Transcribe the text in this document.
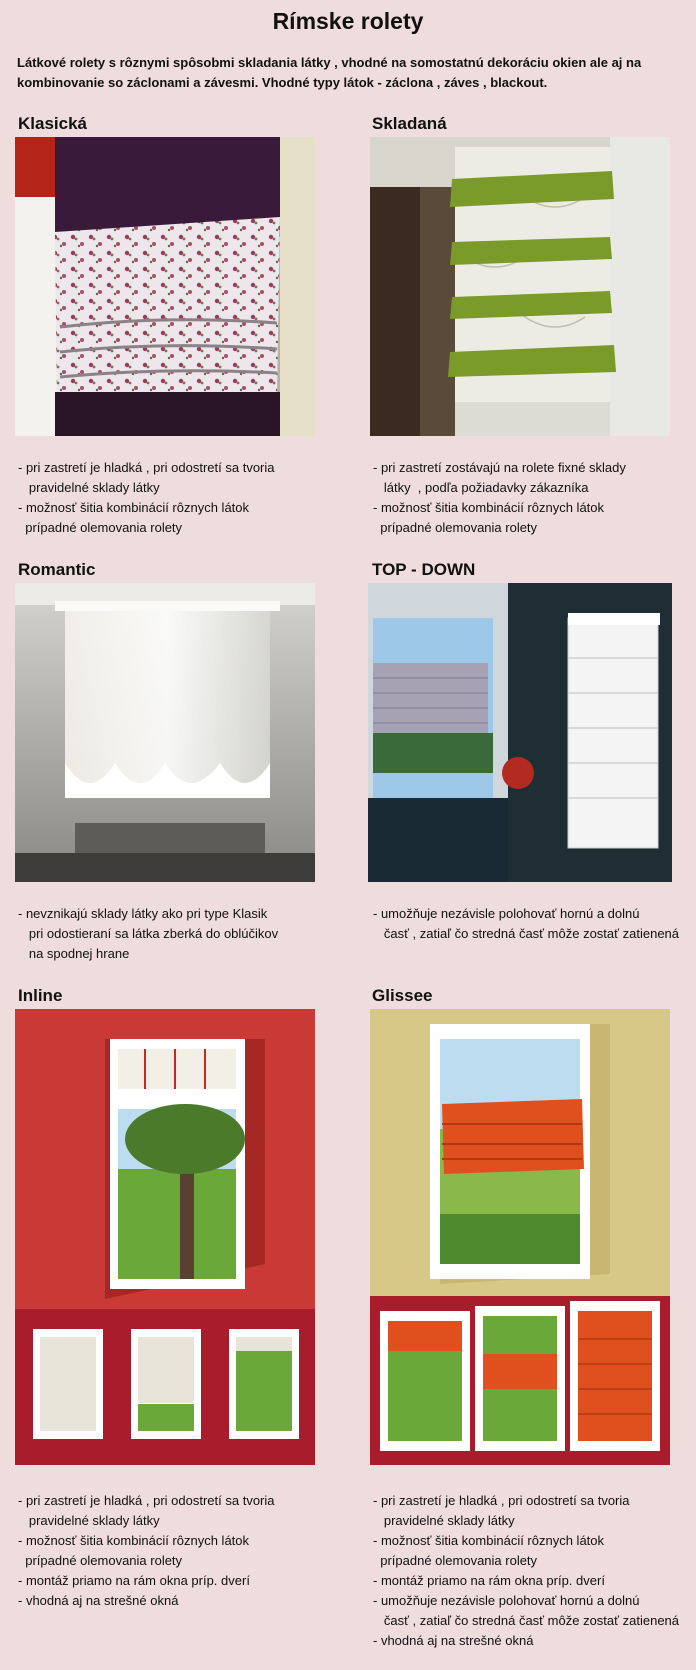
Rímske rolety
Látkové rolety s rôznymi spôsobmi skladania látky , vhodné na somostatnú dekoráciu okien ale aj na kombinovanie so záclonami a závesmi. Vhodné typy látok - záclona , záves , blackout.
Klasická
- pri zastretí je hladká , pri odostretí sa tvoria
pravidelné sklady látky
- možnosť šitia kombinácií rôznych látok
prípadné olemovania rolety
Skladaná
- pri zastretí zostávajú na rolete fixné sklady
látky  , podľa požiadavky zákazníka
- možnosť šitia kombinácií rôznych látok
prípadné olemovania rolety
Romantic
- nevznikajú sklady látky ako pri type Klasik
pri odostieraní sa látka zberká do oblúčikov
na spodnej hrane
TOP - DOWN
- umožňuje nezávisle polohovať hornú a dolnú
časť , zatiaľ čo stredná časť môže zostať zatienená
Inline
- pri zastretí je hladká , pri odostretí sa tvoria
pravidelné sklady látky
- možnosť šitia kombinácií rôznych látok
prípadné olemovania rolety
- montáž priamo na rám okna príp. dverí
- vhodná aj na strešné okná
Glissee
- pri zastretí je hladká , pri odostretí sa tvoria
pravidelné sklady látky
- možnosť šitia kombinácií rôznych látok
prípadné olemovania rolety
- montáž priamo na rám okna príp. dverí
- umožňuje nezávisle polohovať hornú a dolnú
časť , zatiaľ čo stredná časť môže zostať zatienená
- vhodná aj na strešné okná
